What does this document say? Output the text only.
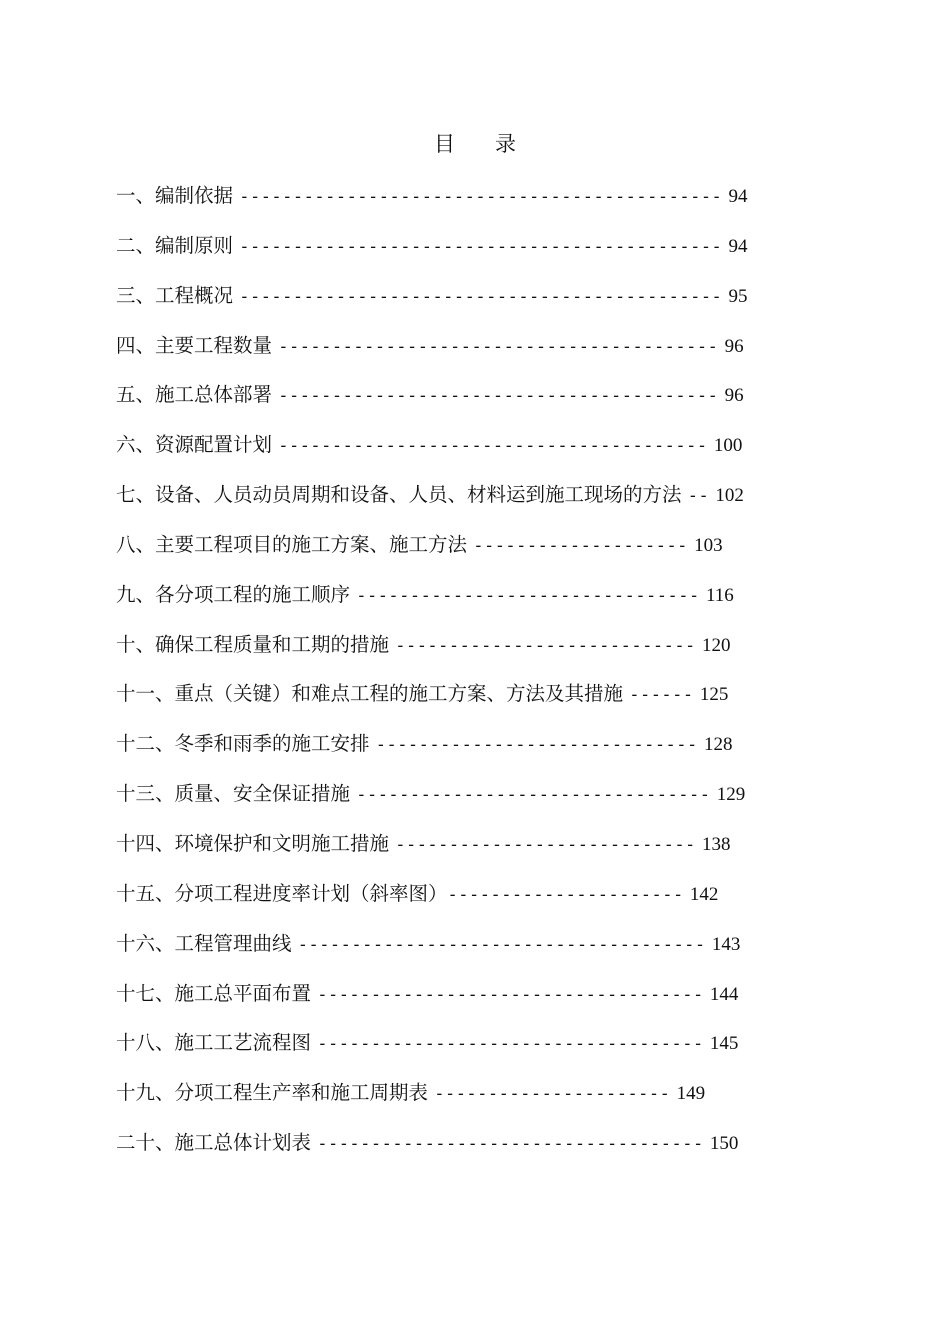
目 录
一、编制依据 --------------------------------------------- 94
二、编制原则 --------------------------------------------- 94
三、工程概况 --------------------------------------------- 95
四、主要工程数量 ----------------------------------------- 96
五、施工总体部署 ----------------------------------------- 96
六、资源配置计划 ---------------------------------------- 100
七、设备、人员动员周期和设备、人员、材料运到施工现场的方法 -- 102
八、主要工程项目的施工方案、施工方法 -------------------- 103
九、各分项工程的施工顺序 -------------------------------- 116
十、确保工程质量和工期的措施 ---------------------------- 120
十一、重点（关键）和难点工程的施工方案、方法及其措施 ------ 125
十二、冬季和雨季的施工安排 ------------------------------ 128
十三、质量、安全保证措施 --------------------------------- 129
十四、环境保护和文明施工措施 ---------------------------- 138
十五、分项工程进度率计划（斜率图）---------------------- 142
十六、工程管理曲线 -------------------------------------- 143
十七、施工总平面布置 ------------------------------------ 144
十八、施工工艺流程图 ------------------------------------ 145
十九、分项工程生产率和施工周期表 ---------------------- 149
二十、施工总体计划表 ------------------------------------ 150
